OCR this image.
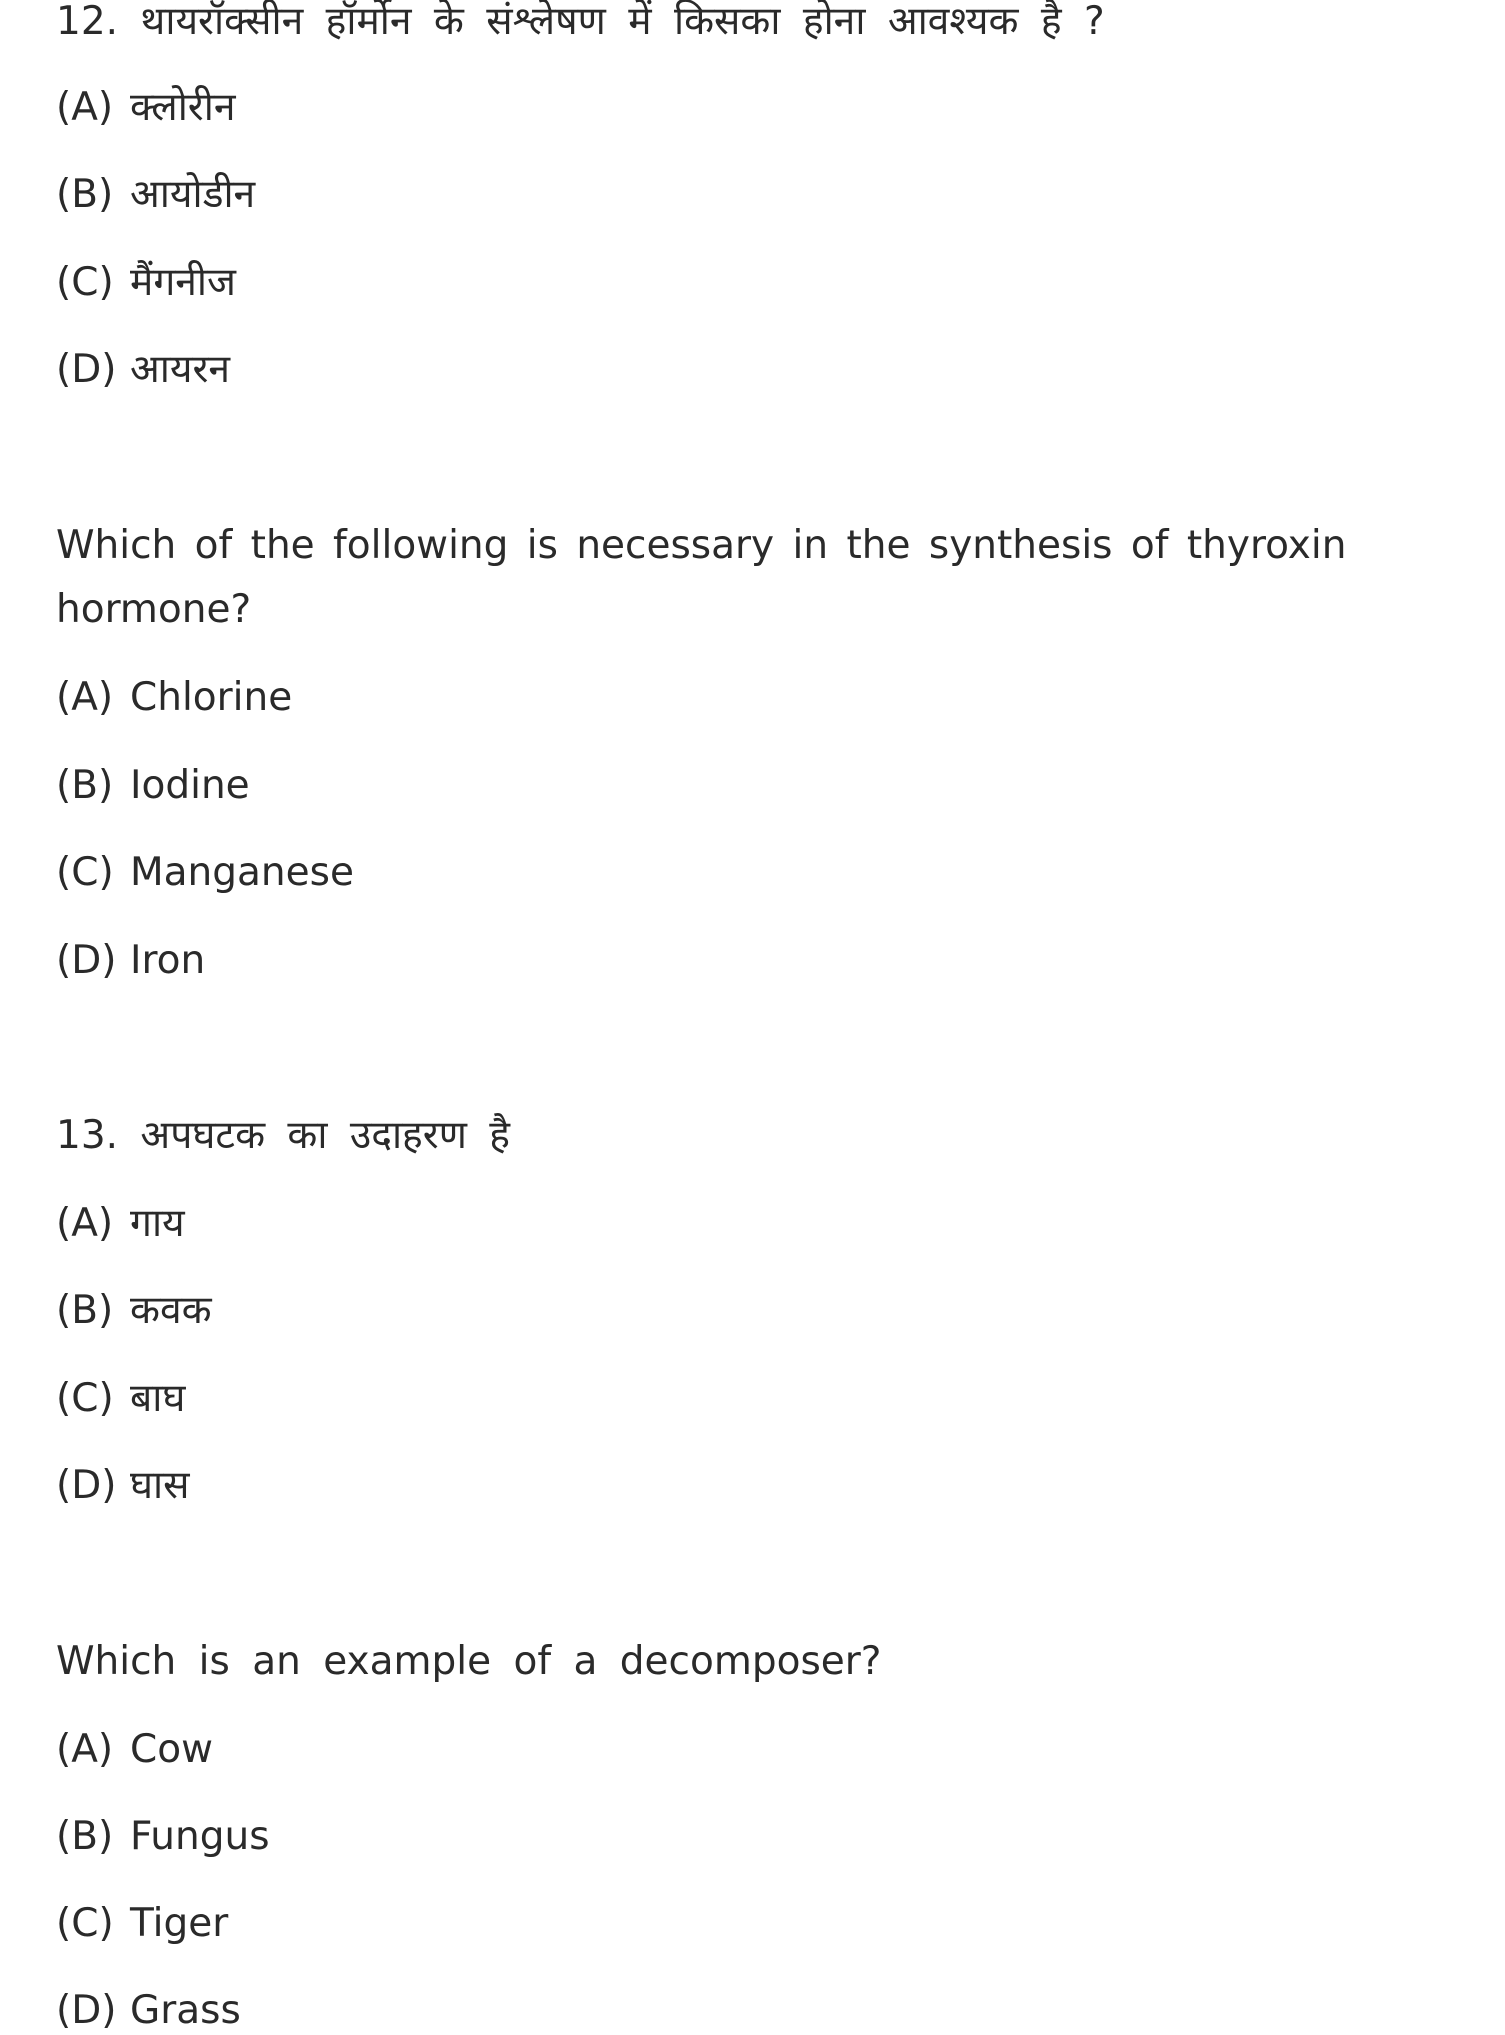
12. थायरॉक्सीन हॉर्मोन के संश्लेषण में किसका होना आवश्यक है ?
(A) क्लोरीन
(B) आयोडीन
(C) मैंगनीज
(D) आयरन
Which of the following is necessary in the synthesis of thyroxin
hormone?
(A) Chlorine
(B) Iodine
(C) Manganese
(D) Iron
13. अपघटक का उदाहरण है
(A) गाय
(B) कवक
(C) बाघ
(D) घास
Which is an example of a decomposer?
(A) Cow
(B) Fungus
(C) Tiger
(D) Grass
